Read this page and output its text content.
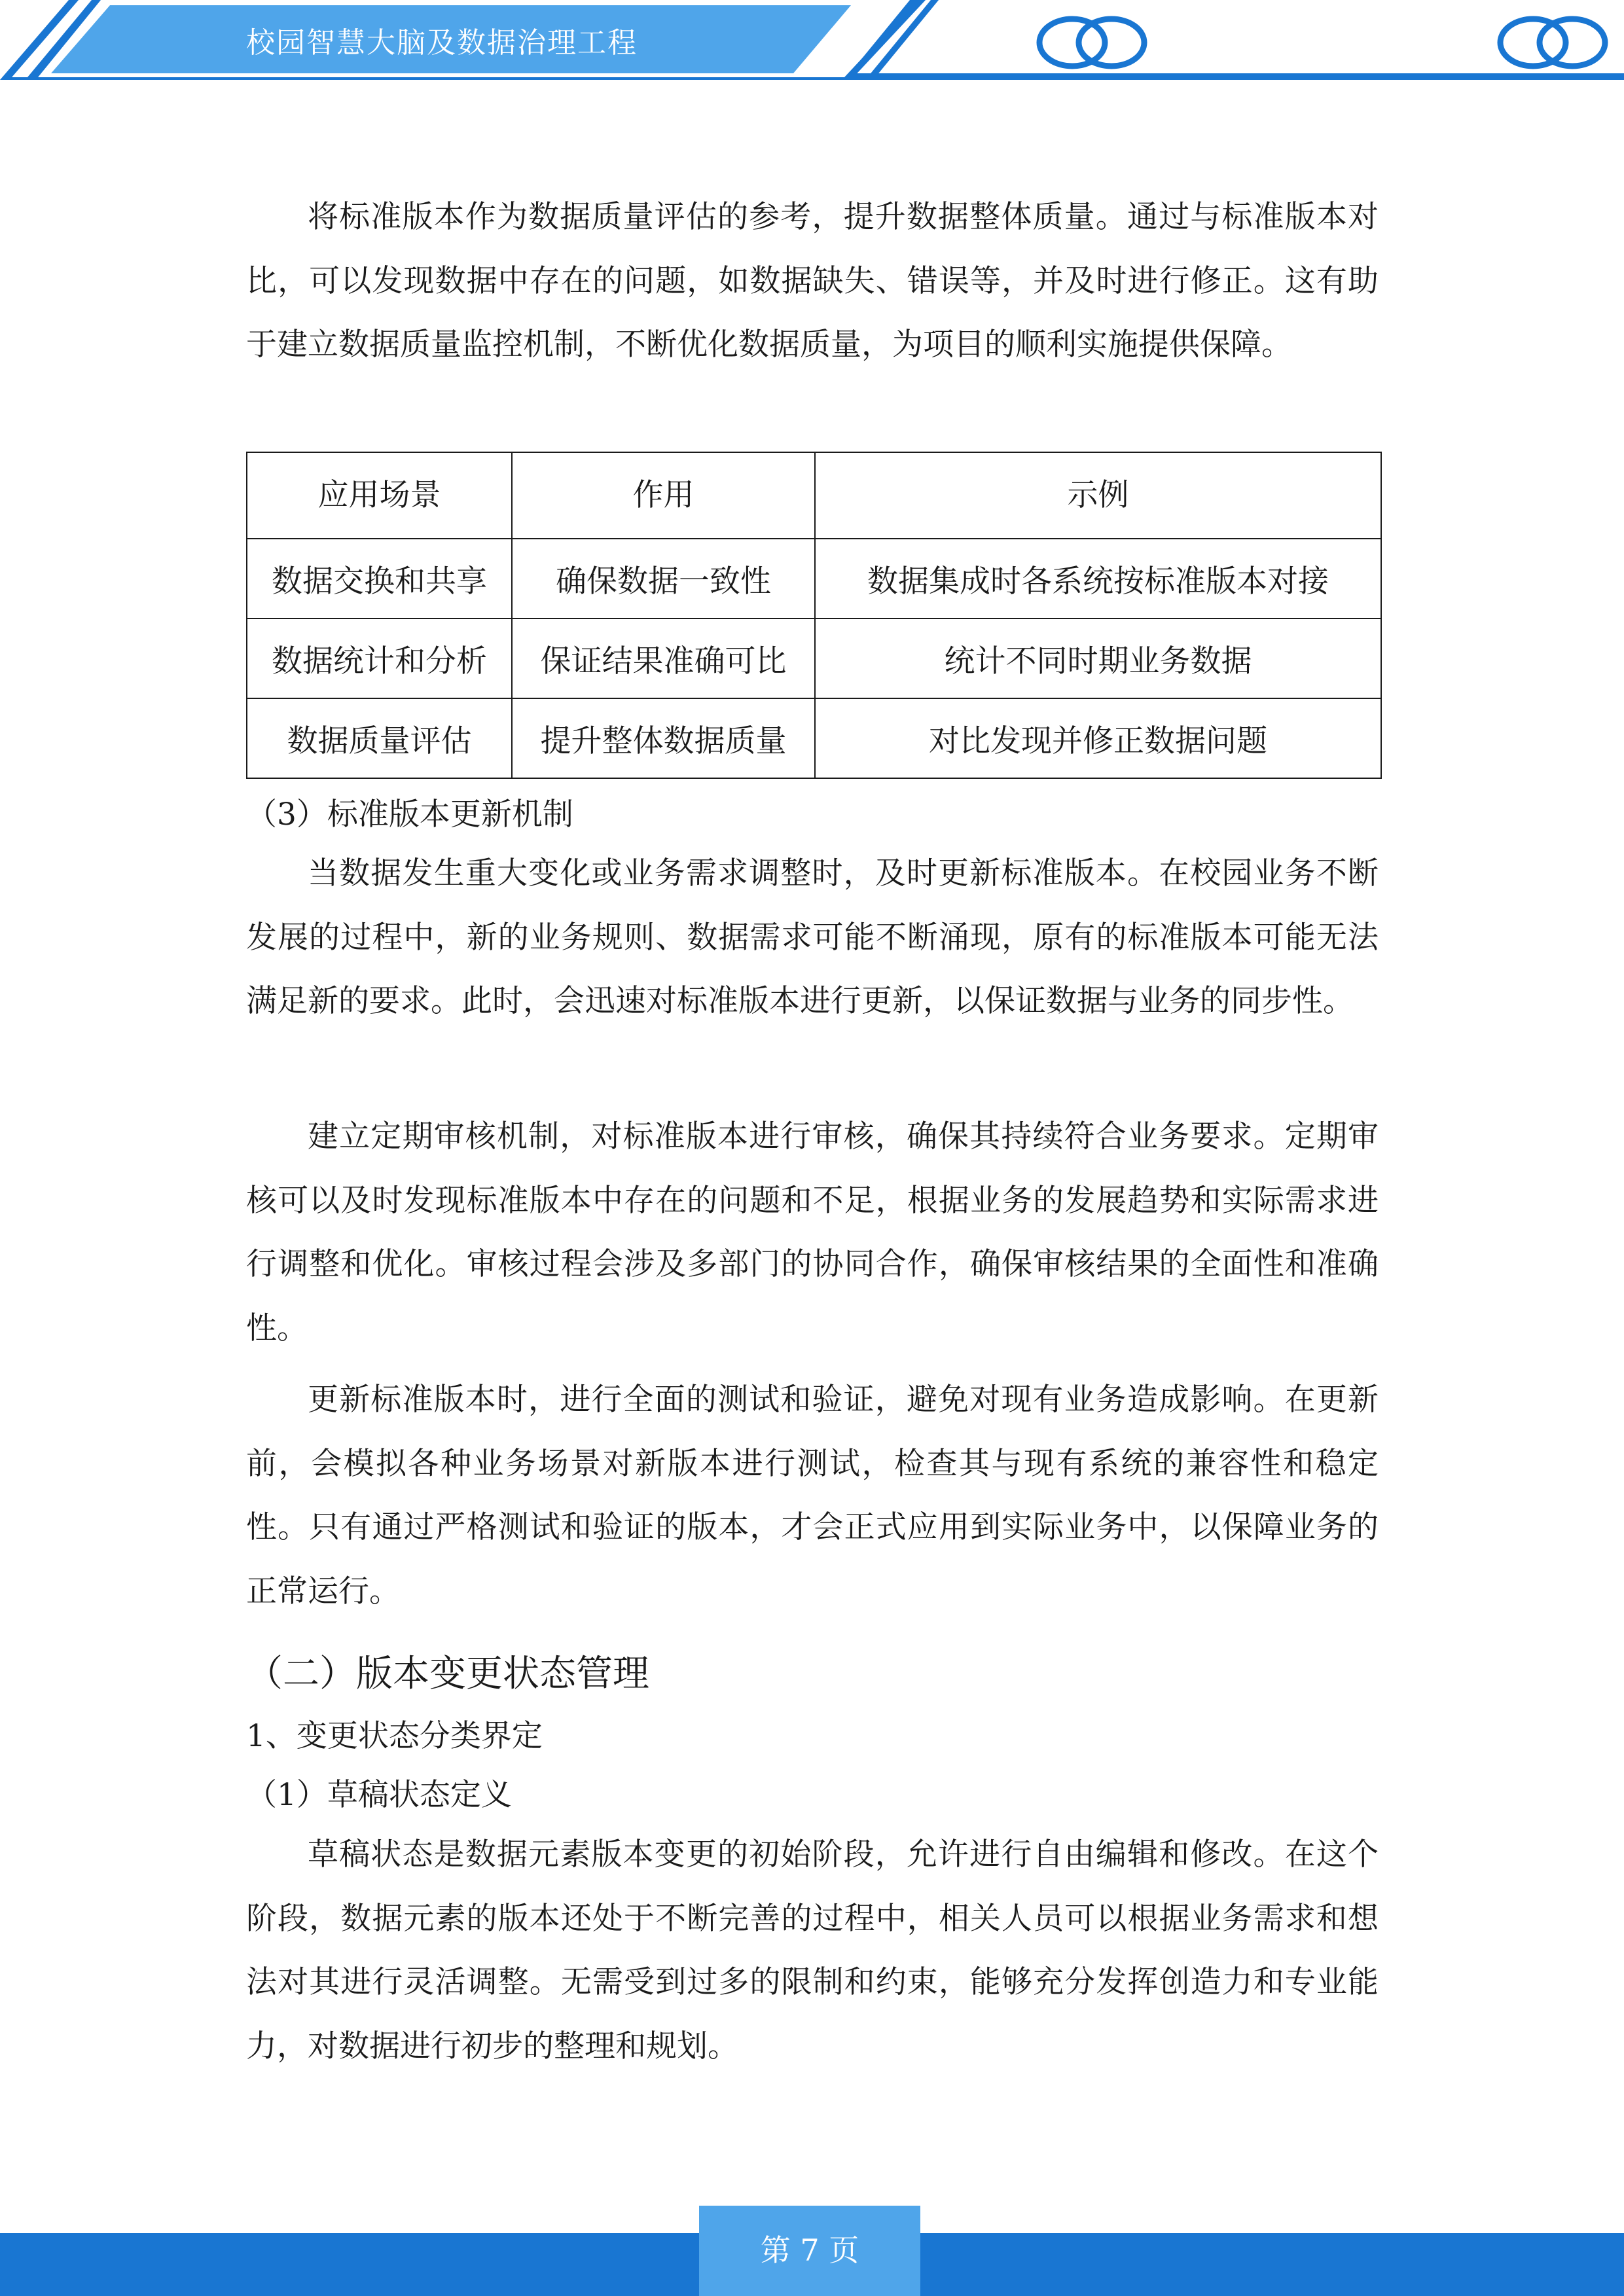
校园智慧大脑及数据治理工程

将标准版本作为数据质量评估的参考，提升数据整体质量。通过与标准版本对比，可以发现数据中存在的问题，如数据缺失、错误等，并及时进行修正。这有助于建立数据质量监控机制，不断优化数据质量，为项目的顺利实施提供保障。

应用场景	作用	示例
数据交换和共享	确保数据一致性	数据集成时各系统按标准版本对接
数据统计和分析	保证结果准确可比	统计不同时期业务数据
数据质量评估	提升整体数据质量	对比发现并修正数据问题
（3）标准版本更新机制

当数据发生重大变化或业务需求调整时，及时更新标准版本。在校园业务不断发展的过程中，新的业务规则、数据需求可能不断涌现，原有的标准版本可能无法满足新的要求。此时，会迅速对标准版本进行更新，以保证数据与业务的同步性。

建立定期审核机制，对标准版本进行审核，确保其持续符合业务要求。定期审核可以及时发现标准版本中存在的问题和不足，根据业务的发展趋势和实际需求进行调整和优化。审核过程会涉及多部门的协同合作，确保审核结果的全面性和准确性。

更新标准版本时，进行全面的测试和验证，避免对现有业务造成影响。在更新前，会模拟各种业务场景对新版本进行测试，检查其与现有系统的兼容性和稳定性。只有通过严格测试和验证的版本，才会正式应用到实际业务中，以保障业务的正常运行。

（二）版本变更状态管理
1、变更状态分类界定
（1）草稿状态定义

草稿状态是数据元素版本变更的初始阶段，允许进行自由编辑和修改。在这个阶段，数据元素的版本还处于不断完善的过程中，相关人员可以根据业务需求和想法对其进行灵活调整。无需受到过多的限制和约束，能够充分发挥创造力和专业能力，对数据进行初步的整理和规划。

第 7 页
